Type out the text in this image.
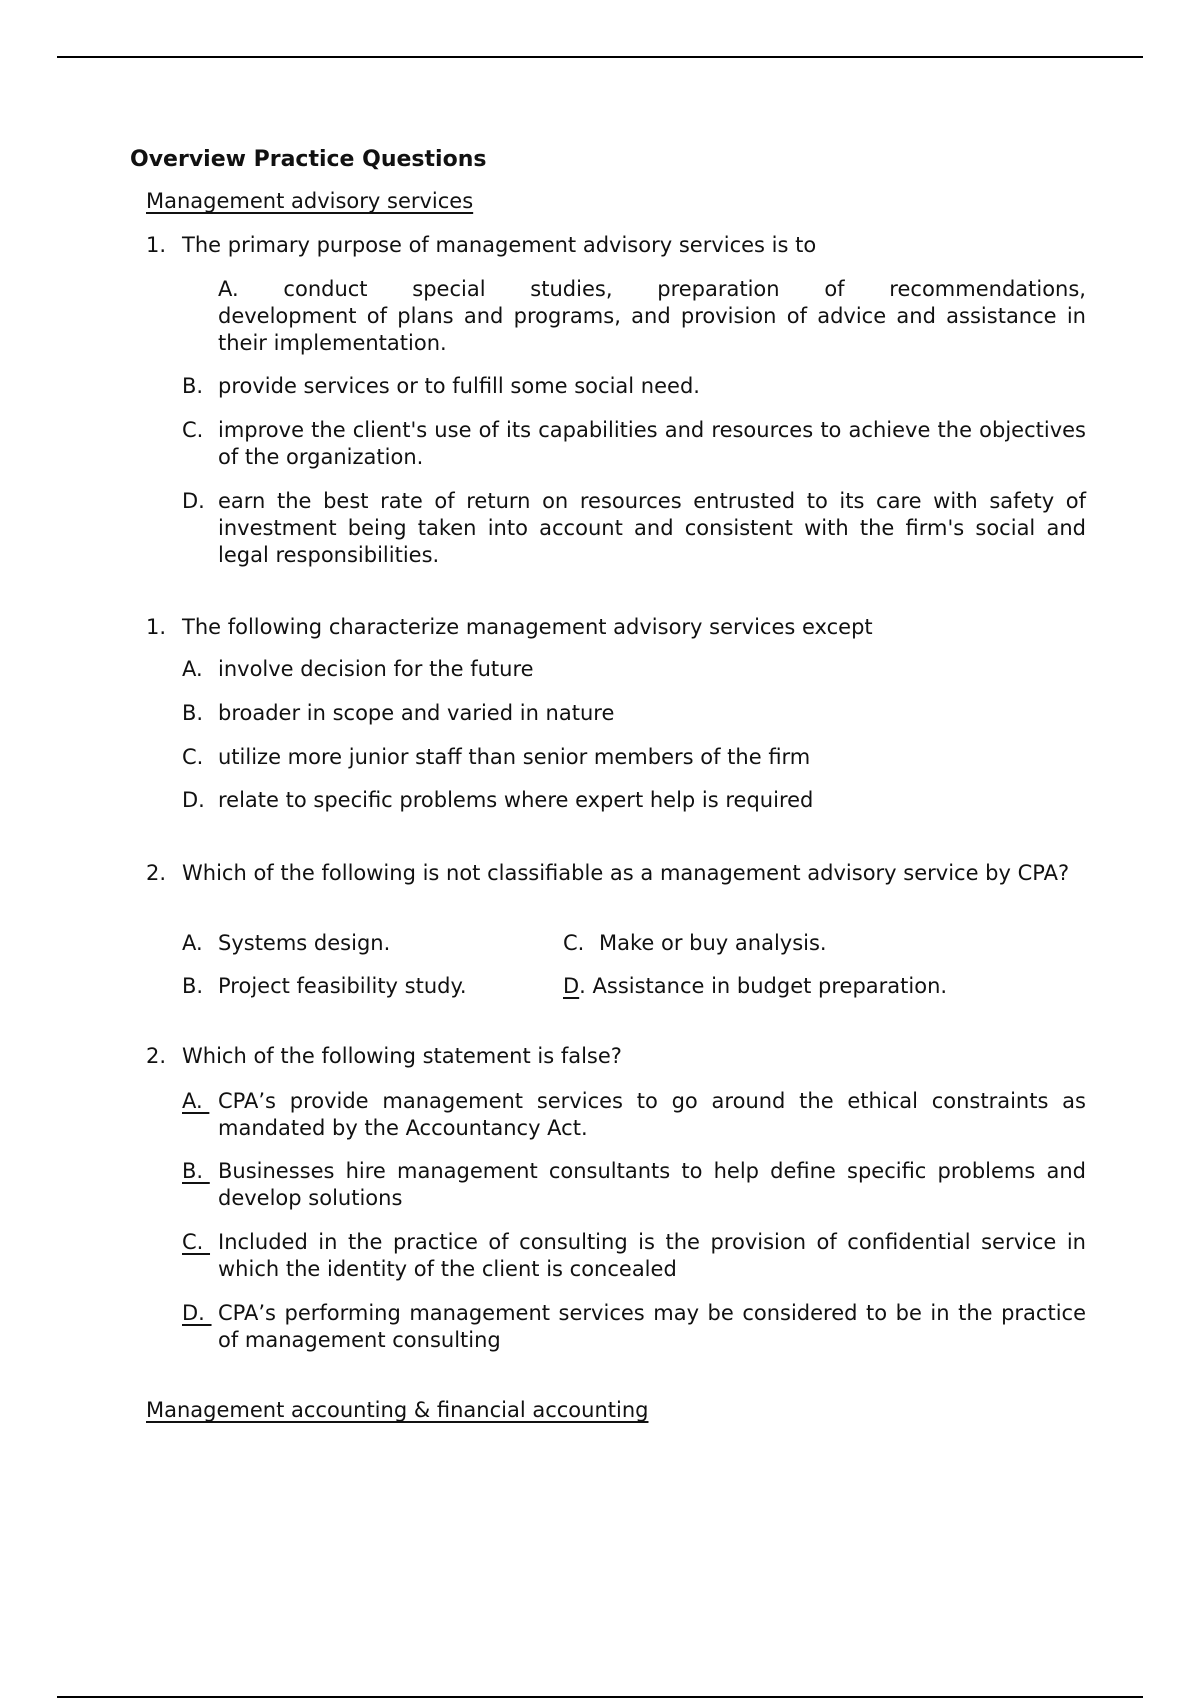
Overview Practice Questions
Management advisory services
1. The primary purpose of management advisory services is to
A. conduct special studies, preparation of recommendations,
development of plans and programs, and provision of advice and assistance in their implementation.
B. provide services or to fulfill some social need.
C. improve the client's use of its capabilities and resources to achieve the objectives of the organization.
D. earn the best rate of return on resources entrusted to its care with safety of investment being taken into account and consistent with the firm's social and legal responsibilities.
1. The following characterize management advisory services except
A. involve decision for the future
B. broader in scope and varied in nature
C. utilize more junior staff than senior members of the firm
D. relate to specific problems where expert help is required
2. Which of the following is not classifiable as a management advisory service by CPA?
A. Systems design.
B. Project feasibility study.
C. Make or buy analysis.
D. Assistance in budget preparation.
2. Which of the following statement is false?
A. CPA’s provide management services to go around the ethical constraints as mandated by the Accountancy Act.
B. Businesses hire management consultants to help define specific problems and develop solutions
C. Included in the practice of consulting is the provision of confidential service in which the identity of the client is concealed
D. CPA’s performing management services may be considered to be in the practice of management consulting
Management accounting & financial accounting
